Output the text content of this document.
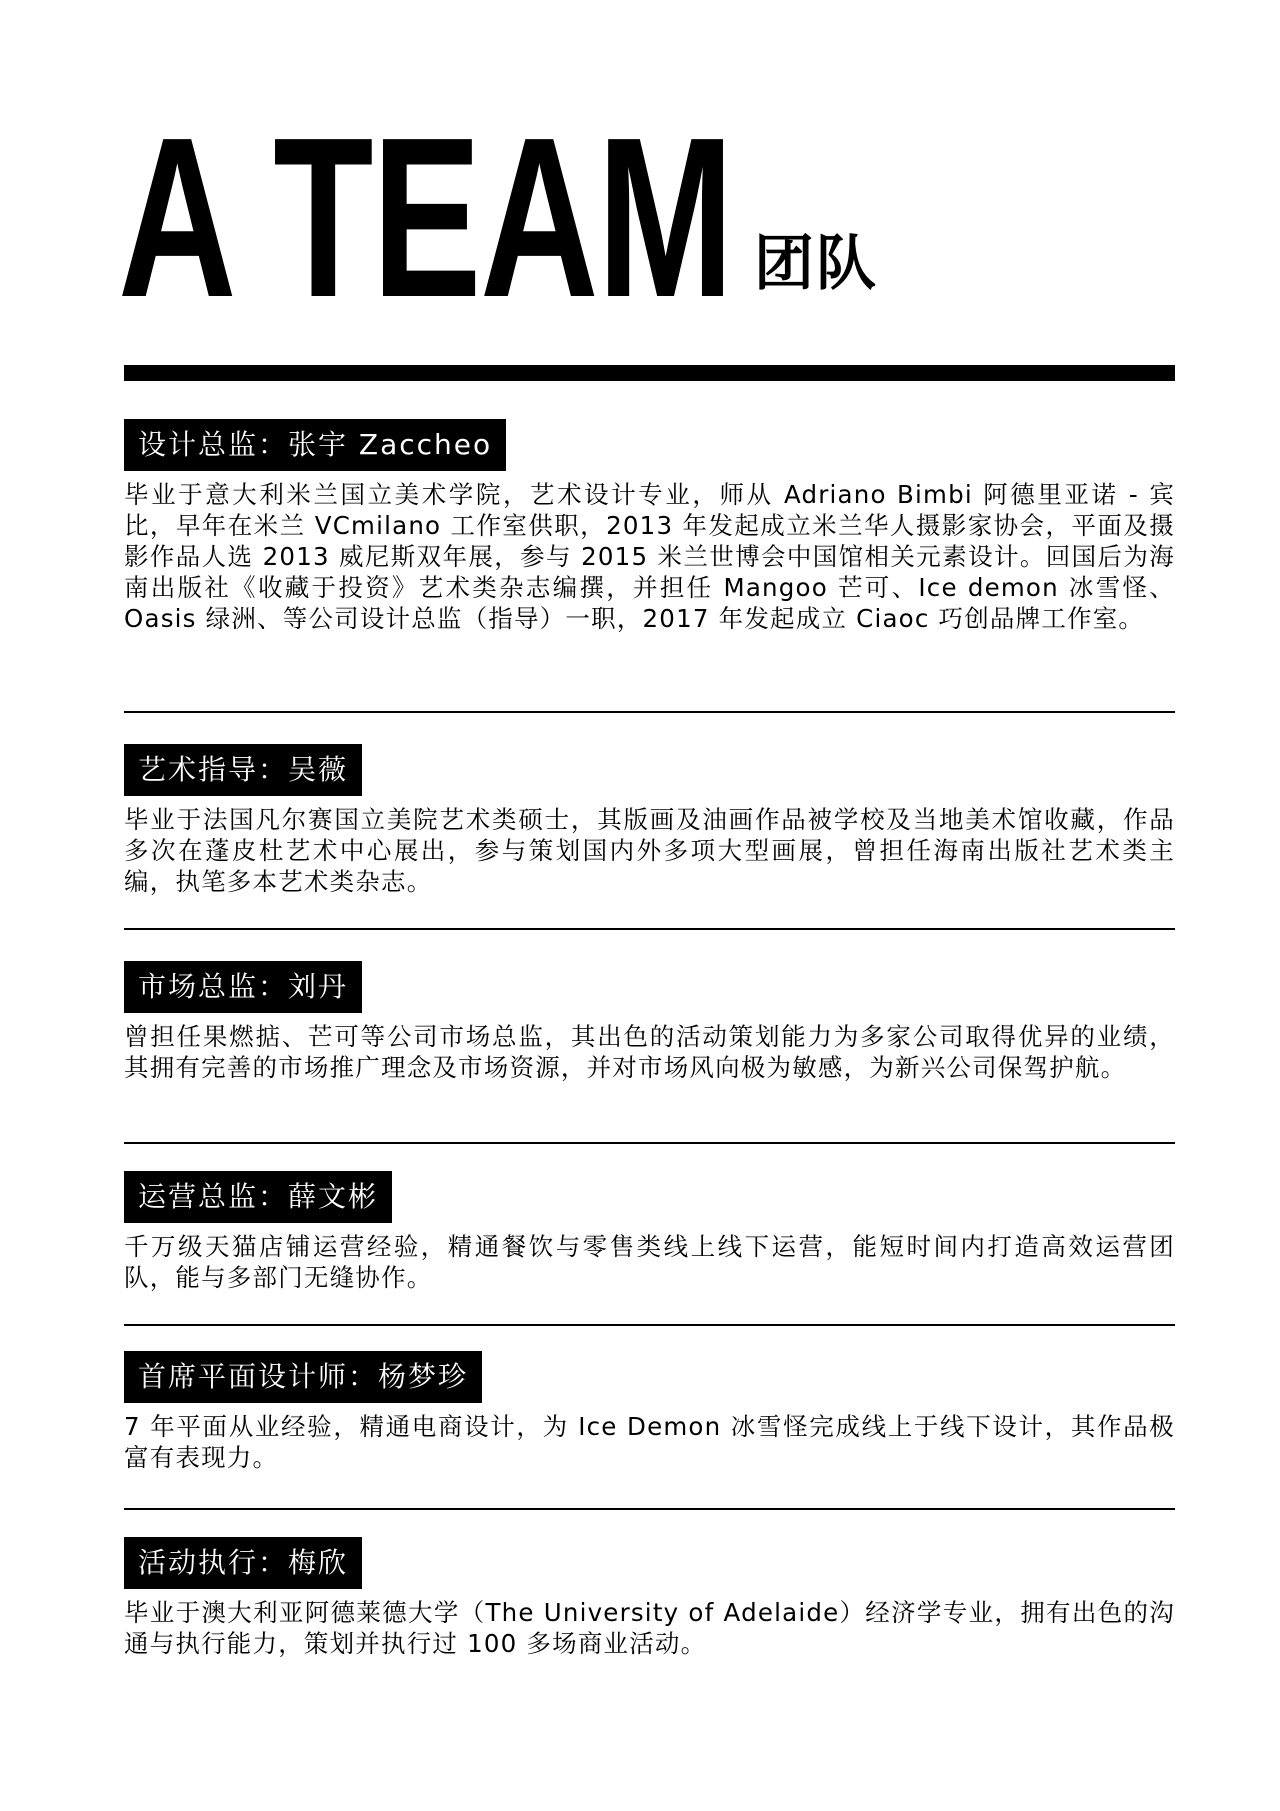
A TEAM 团队
设计总监：张宇 Zaccheo
毕业于意大利米兰国立美术学院，艺术设计专业，师从 Adriano Bimbi 阿德里亚诺 - 宾比，早年在米兰 VCmilano 工作室供职，2013 年发起成立米兰华人摄影家协会，平面及摄影作品人选 2013 威尼斯双年展，参与 2015 米兰世博会中国馆相关元素设计。回国后为海南出版社《收藏于投资》艺术类杂志编撰，并担任 Mangoo 芒可、Ice demon 冰雪怪、Oasis 绿洲、等公司设计总监（指导）一职，2017 年发起成立 Ciaoc 巧创品牌工作室。
艺术指导：吴薇
毕业于法国凡尔赛国立美院艺术类硕士，其版画及油画作品被学校及当地美术馆收藏，作品多次在蓬皮杜艺术中心展出，参与策划国内外多项大型画展，曾担任海南出版社艺术类主编，执笔多本艺术类杂志。
市场总监：刘丹
曾担任果燃掂、芒可等公司市场总监，其出色的活动策划能力为多家公司取得优异的业绩，其拥有完善的市场推广理念及市场资源，并对市场风向极为敏感，为新兴公司保驾护航。
运营总监：薛文彬
千万级天猫店铺运营经验，精通餐饮与零售类线上线下运营，能短时间内打造高效运营团队，能与多部门无缝协作。
首席平面设计师：杨梦珍
7 年平面从业经验，精通电商设计，为 Ice Demon 冰雪怪完成线上于线下设计，其作品极富有表现力。
活动执行：梅欣
毕业于澳大利亚阿德莱德大学（The University of Adelaide）经济学专业，拥有出色的沟通与执行能力，策划并执行过 100 多场商业活动。
